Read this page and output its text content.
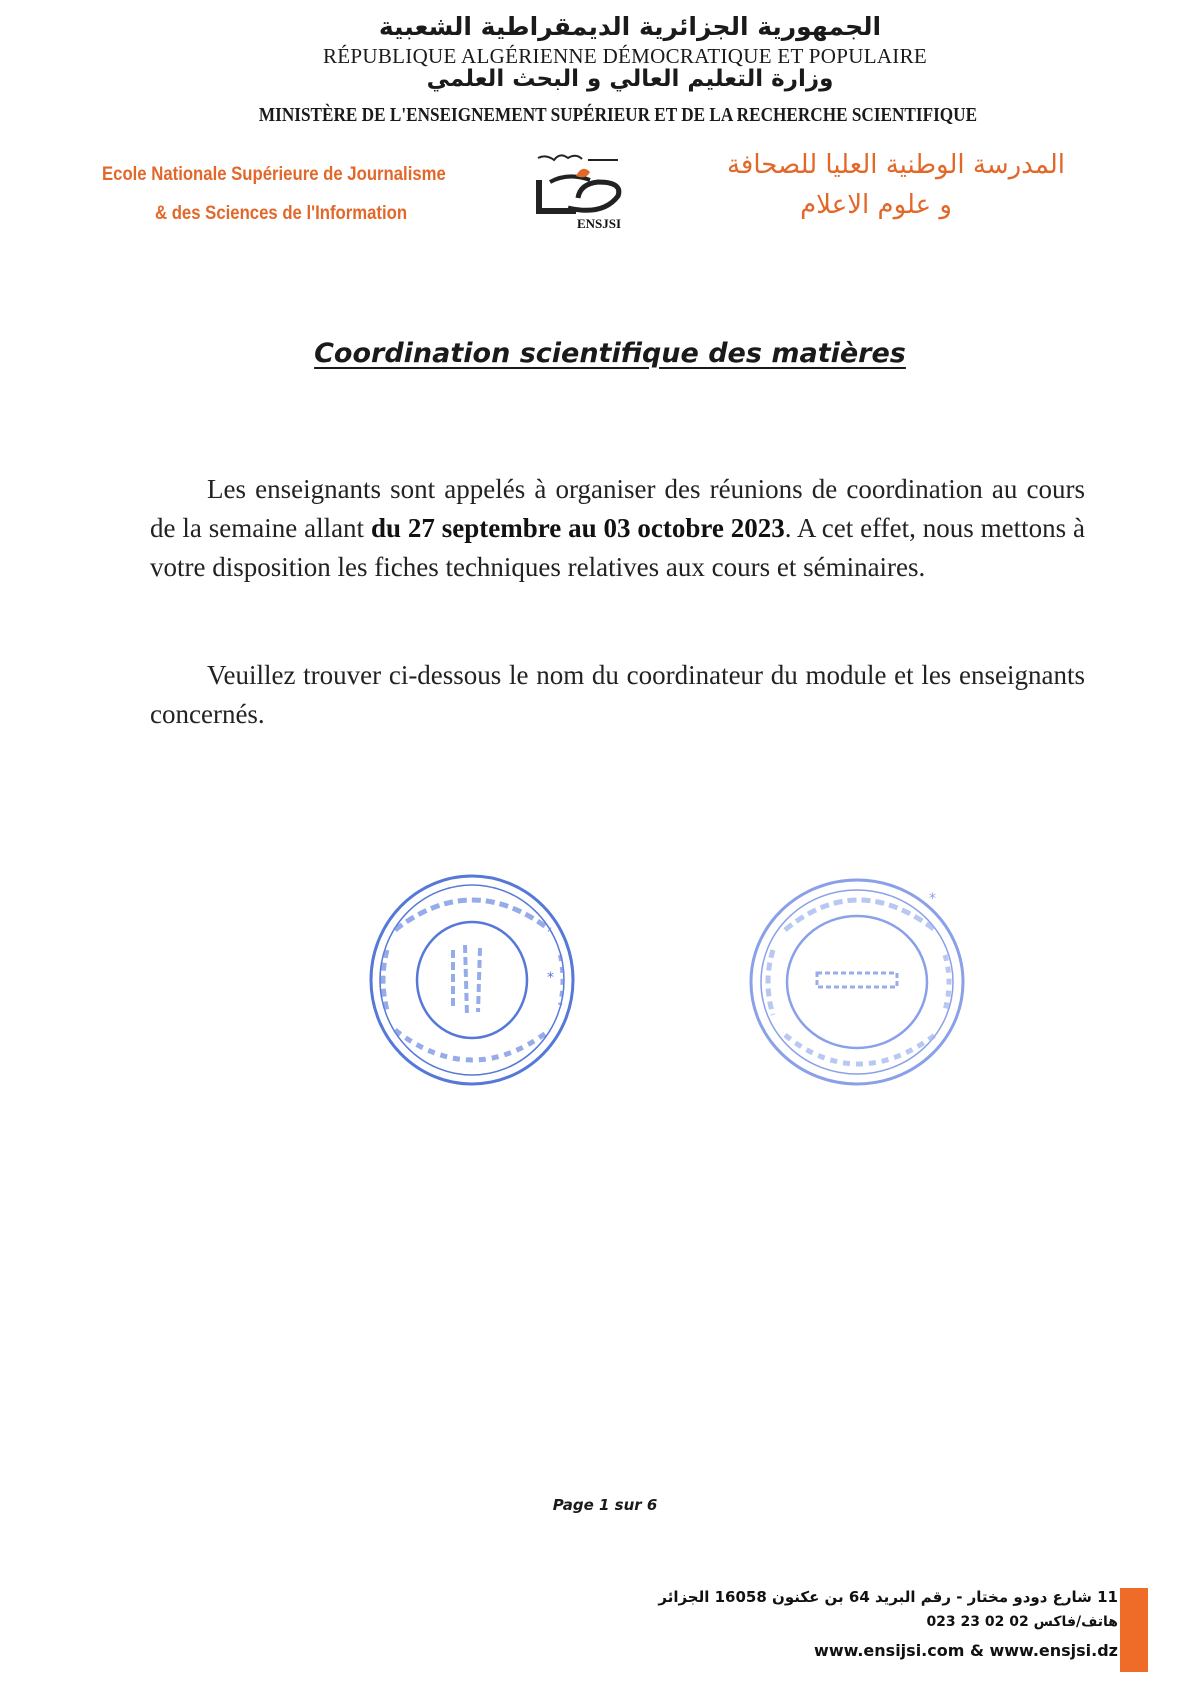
الجمهورية الجزائرية الديمقراطية الشعبية
RÉPUBLIQUE ALGÉRIENNE DÉMOCRATIQUE ET POPULAIRE
وزارة التعليم العالي و البحث العلمي
MINISTÈRE DE L'ENSEIGNEMENT SUPÉRIEUR ET DE LA RECHERCHE SCIENTIFIQUE
Ecole Nationale Supérieure de Journalisme
& des Sciences de l'Information
المدرسة الوطنية العليا للصحافة
و علوم الاعلام
ENSJSI
Coordination scientifique des matières

Les enseignants sont appelés à organiser des réunions de coordination au cours de la semaine allant du 27 septembre au 03 octobre 2023. A cet effet, nous mettons à votre disposition les fiches techniques relatives aux cours et séminaires.

Veuillez trouver ci-dessous le nom du coordinateur du module et les enseignants concernés.

*
*
Page 1 sur 6
11 شارع دودو مختار - رقم البريد 64 بن عكنون 16058 الجزائر
هاتف/فاكس 02 02 23 023
www.ensijsi.com & www.ensjsi.dz
